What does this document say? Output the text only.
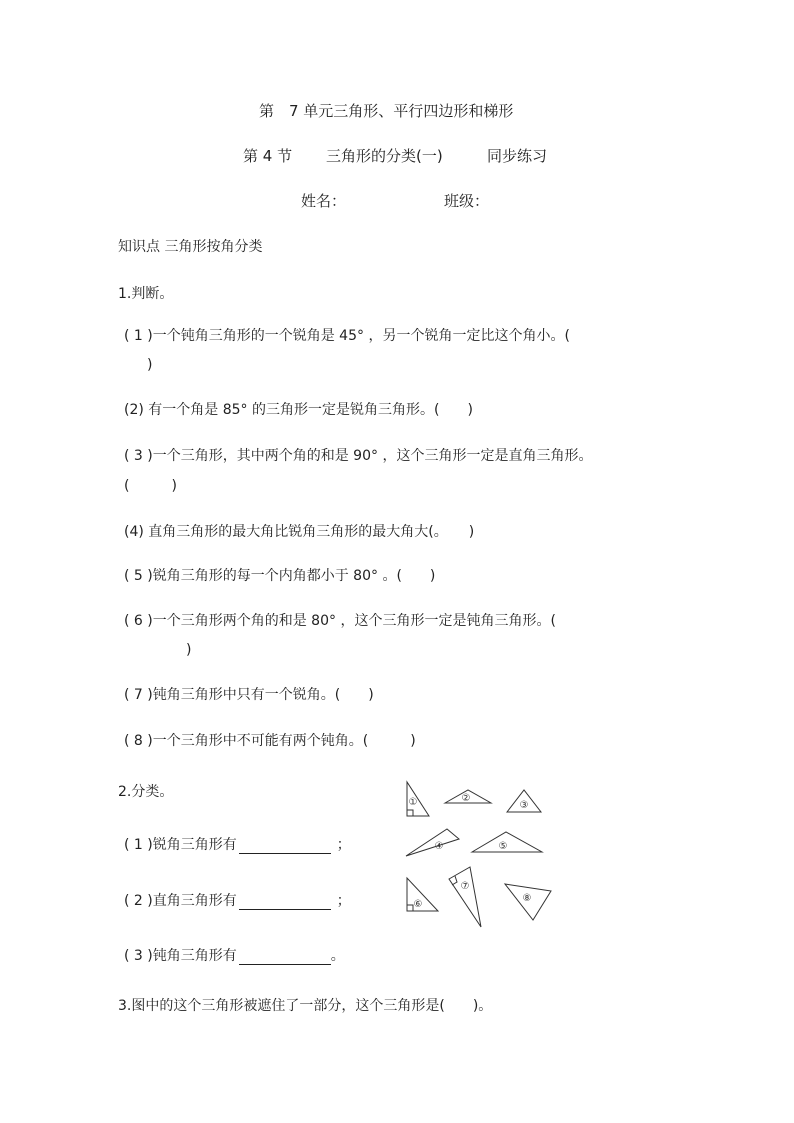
第　7 单元三角形、平行四边形和梯形
第 4 节 三角形的分类(一)	同步练习
姓名：	班级：
知识点 三角形按角分类
1.判断。
( 1 )一个钝角三角形的一个锐角是 45° ，另一个锐角一定比这个角小。(
)
(2) 有一个角是 85° 的三角形一定是锐角三角形。(　　)
( 3 )一个三角形，其中两个角的和是 90° ，这个三角形一定是直角三角形。
(　　　)
(4) 直角三角形的最大角比锐角三角形的最大角大(。　　)
( 5 )锐角三角形的每一个内角都小于 80° 。(　　)
( 6 )一个三角形两个角的和是 80° ，这个三角形一定是钝角三角形。(
)
( 7 )钝角三角形中只有一个锐角。(　　)
( 8 )一个三角形中不可能有两个钝角。(　　　)
2.分类。
( 1 )锐角三角形有	；
( 2 )直角三角形有	；
( 3 )钝角三角形有	。
①	②
③
④	⑤
⑥
⑦
⑧
3.图中的这个三角形被遮住了一部分，这个三角形是(　　)。
